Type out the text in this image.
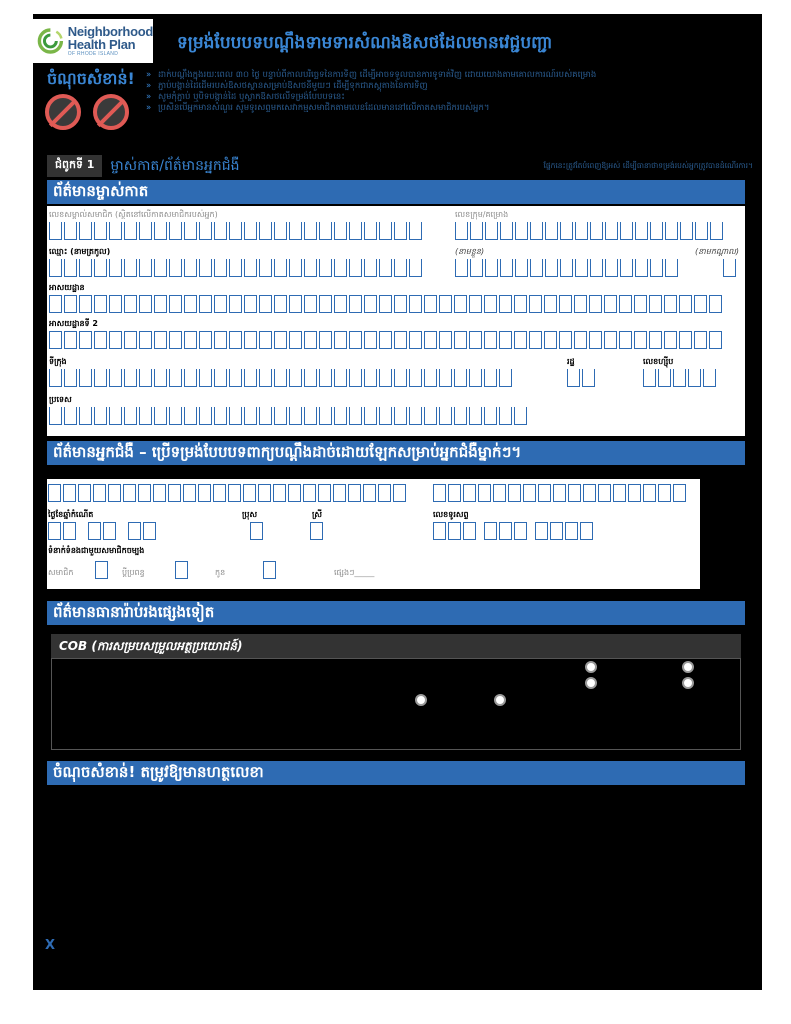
Neighborhood
Health Plan
OF RHODE ISLAND
ទម្រង់បែបបទបណ្តឹងទាមទារសំណងឱសថដែលមានវេជ្ជបញ្ជា
ចំណុចសំខាន់! » ដាក់បណ្តឹងក្នុងរយៈពេល ៣០ ថ្ងៃ បន្ទាប់ពីកាលបរិច្ឆេទនៃការទិញ ដើម្បីអាចទទួលបានការទូទាត់វិញ ដោយយោងតាមគោលការណ៍របស់គម្រោង
» ភ្ជាប់បង្កាន់ដៃដើមរបស់ឱសថស្ថានសម្រាប់ឱសថនីមួយៗ ដើម្បីទុកជាភស្តុតាងនៃការទិញ
» សូមកុំភ្ជាប់ ឬបិទបង្កាន់ដៃ ឬស្លាកឱសថលើទម្រង់បែបបទនេះ
» ប្រសិនបើអ្នកមានសំណួរ សូមទូរសព្ទមកសេវាកម្មសមាជិកតាមលេខដែលមាននៅលើកាតសមាជិករបស់អ្នក។
ជំពូកទី 1	ម្ចាស់កាត/ព័ត៌មានអ្នកជំងឺ	ផ្នែកនេះត្រូវតែបំពេញឱ្យអស់ ដើម្បីធានាថាទម្រង់របស់អ្នកត្រូវបានដំណើរការ។
ព័ត៌មានម្ចាស់កាត
លេខសម្គាល់សមាជិក (ស្ថិតនៅលើកាតសមាជិករបស់អ្នក)	លេខក្រុម/គម្រោង
ឈ្មោះ (នាមត្រកូល)	(នាមខ្លួន)	(នាមកណ្តាល)
អាសយដ្ឋាន
អាសយដ្ឋានទី 2
ទីក្រុង	រដ្ឋ	លេខហ្ស៊ីប
ប្រទេស
ព័ត៌មានអ្នកជំងឺ – ប្រើទម្រង់បែបបទពាក្យបណ្តឹងដាច់ដោយឡែកសម្រាប់អ្នកជំងឺម្នាក់ៗ។
ថ្ងៃខែឆ្នាំកំណើត	ប្រុស	ស្រី	លេខទូរសព្ទ
ទំនាក់ទំនងជាមួយសមាជិកចម្បង
សមាជិក	ប្តីប្រពន្ធ	កូន	ផ្សេងៗ_____
ព័ត៌មានធានារ៉ាប់រងផ្សេងទៀត
COB (ការសម្របសម្រួលអត្ថប្រយោជន៍)
ចំណុចសំខាន់! តម្រូវឱ្យមានហត្ថលេខា
X
